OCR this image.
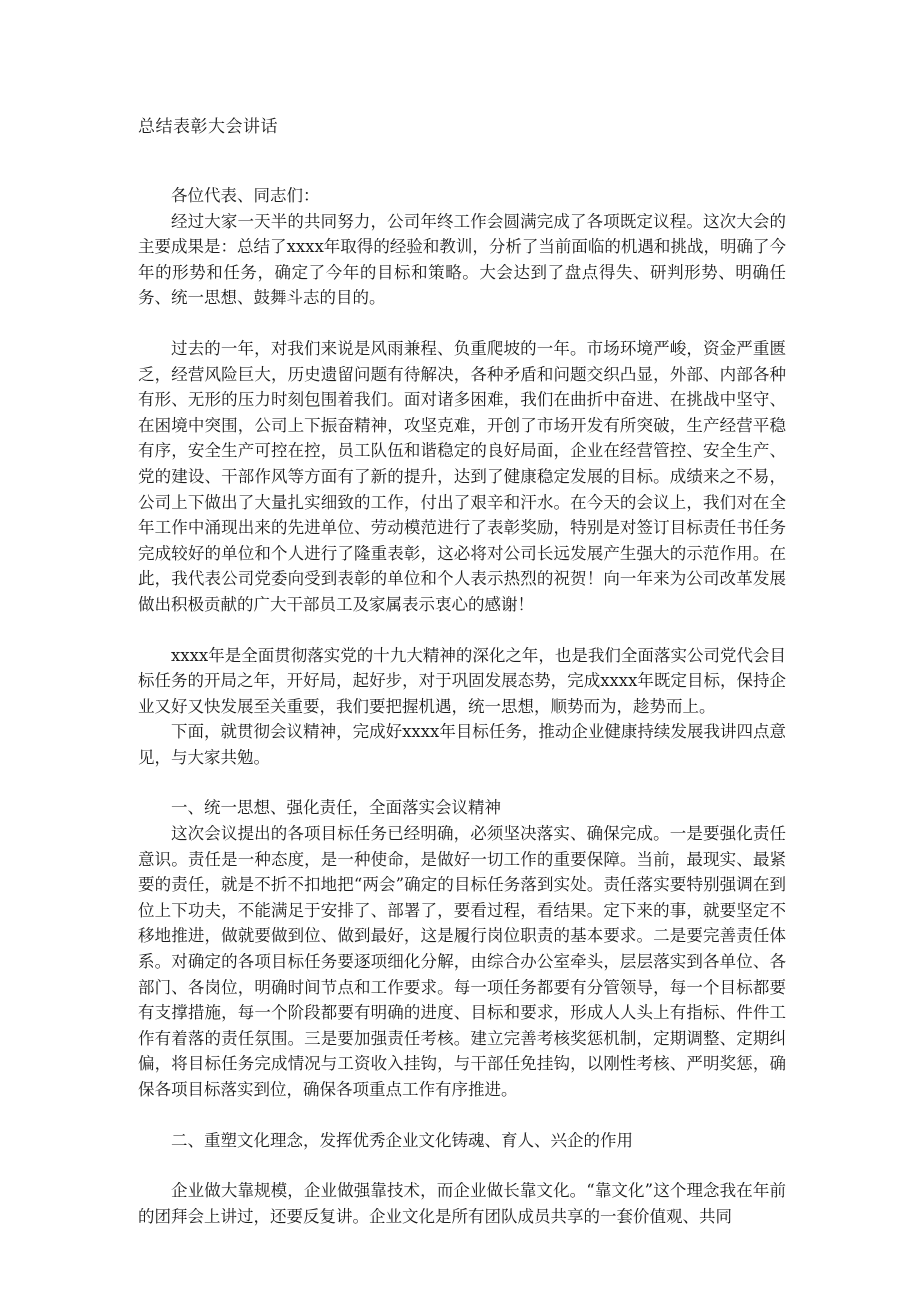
总结表彰大会讲话

各位代表、同志们：

经过大家一天半的共同努力，公司年终工作会圆满完成了各项既定议程。这次大会的主要成果是：总结了xxxx年取得的经验和教训，分析了当前面临的机遇和挑战，明确了今年的形势和任务，确定了今年的目标和策略。大会达到了盘点得失、研判形势、明确任务、统一思想、鼓舞斗志的目的。

过去的一年，对我们来说是风雨兼程、负重爬坡的一年。市场环境严峻，资金严重匮乏，经营风险巨大，历史遗留问题有待解决，各种矛盾和问题交织凸显，外部、内部各种有形、无形的压力时刻包围着我们。面对诸多困难，我们在曲折中奋进、在挑战中坚守、在困境中突围，公司上下振奋精神，攻坚克难，开创了市场开发有所突破，生产经营平稳有序，安全生产可控在控，员工队伍和谐稳定的良好局面，企业在经营管控、安全生产、党的建设、干部作风等方面有了新的提升，达到了健康稳定发展的目标。成绩来之不易，公司上下做出了大量扎实细致的工作，付出了艰辛和汗水。在今天的会议上，我们对在全年工作中涌现出来的先进单位、劳动模范进行了表彰奖励，特别是对签订目标责任书任务完成较好的单位和个人进行了隆重表彰，这必将对公司长远发展产生强大的示范作用。在此，我代表公司党委向受到表彰的单位和个人表示热烈的祝贺！向一年来为公司改革发展做出积极贡献的广大干部员工及家属表示衷心的感谢！

xxxx年是全面贯彻落实党的十九大精神的深化之年，也是我们全面落实公司党代会目标任务的开局之年，开好局，起好步，对于巩固发展态势，完成xxxx年既定目标，保持企业又好又快发展至关重要，我们要把握机遇，统一思想，顺势而为，趁势而上。

下面，就贯彻会议精神，完成好xxxx年目标任务，推动企业健康持续发展我讲四点意见，与大家共勉。

一、统一思想、强化责任，全面落实会议精神

这次会议提出的各项目标任务已经明确，必须坚决落实、确保完成。一是要强化责任意识。责任是一种态度，是一种使命，是做好一切工作的重要保障。当前，最现实、最紧要的责任，就是不折不扣地把“两会”确定的目标任务落到实处。责任落实要特别强调在到位上下功夫，不能满足于安排了、部署了，要看过程，看结果。定下来的事，就要坚定不移地推进，做就要做到位、做到最好，这是履行岗位职责的基本要求。二是要完善责任体系。对确定的各项目标任务要逐项细化分解，由综合办公室牵头，层层落实到各单位、各部门、各岗位，明确时间节点和工作要求。每一项任务都要有分管领导，每一个目标都要有支撑措施，每一个阶段都要有明确的进度、目标和要求，形成人人头上有指标、件件工作有着落的责任氛围。三是要加强责任考核。建立完善考核奖惩机制，定期调整、定期纠偏，将目标任务完成情况与工资收入挂钩，与干部任免挂钩，以刚性考核、严明奖惩，确保各项目标落实到位，确保各项重点工作有序推进。

二、重塑文化理念，发挥优秀企业文化铸魂、育人、兴企的作用

企业做大靠规模，企业做强靠技术，而企业做长靠文化。“靠文化”这个理念我在年前的团拜会上讲过，还要反复讲。企业文化是所有团队成员共享的一套价值观、共同
